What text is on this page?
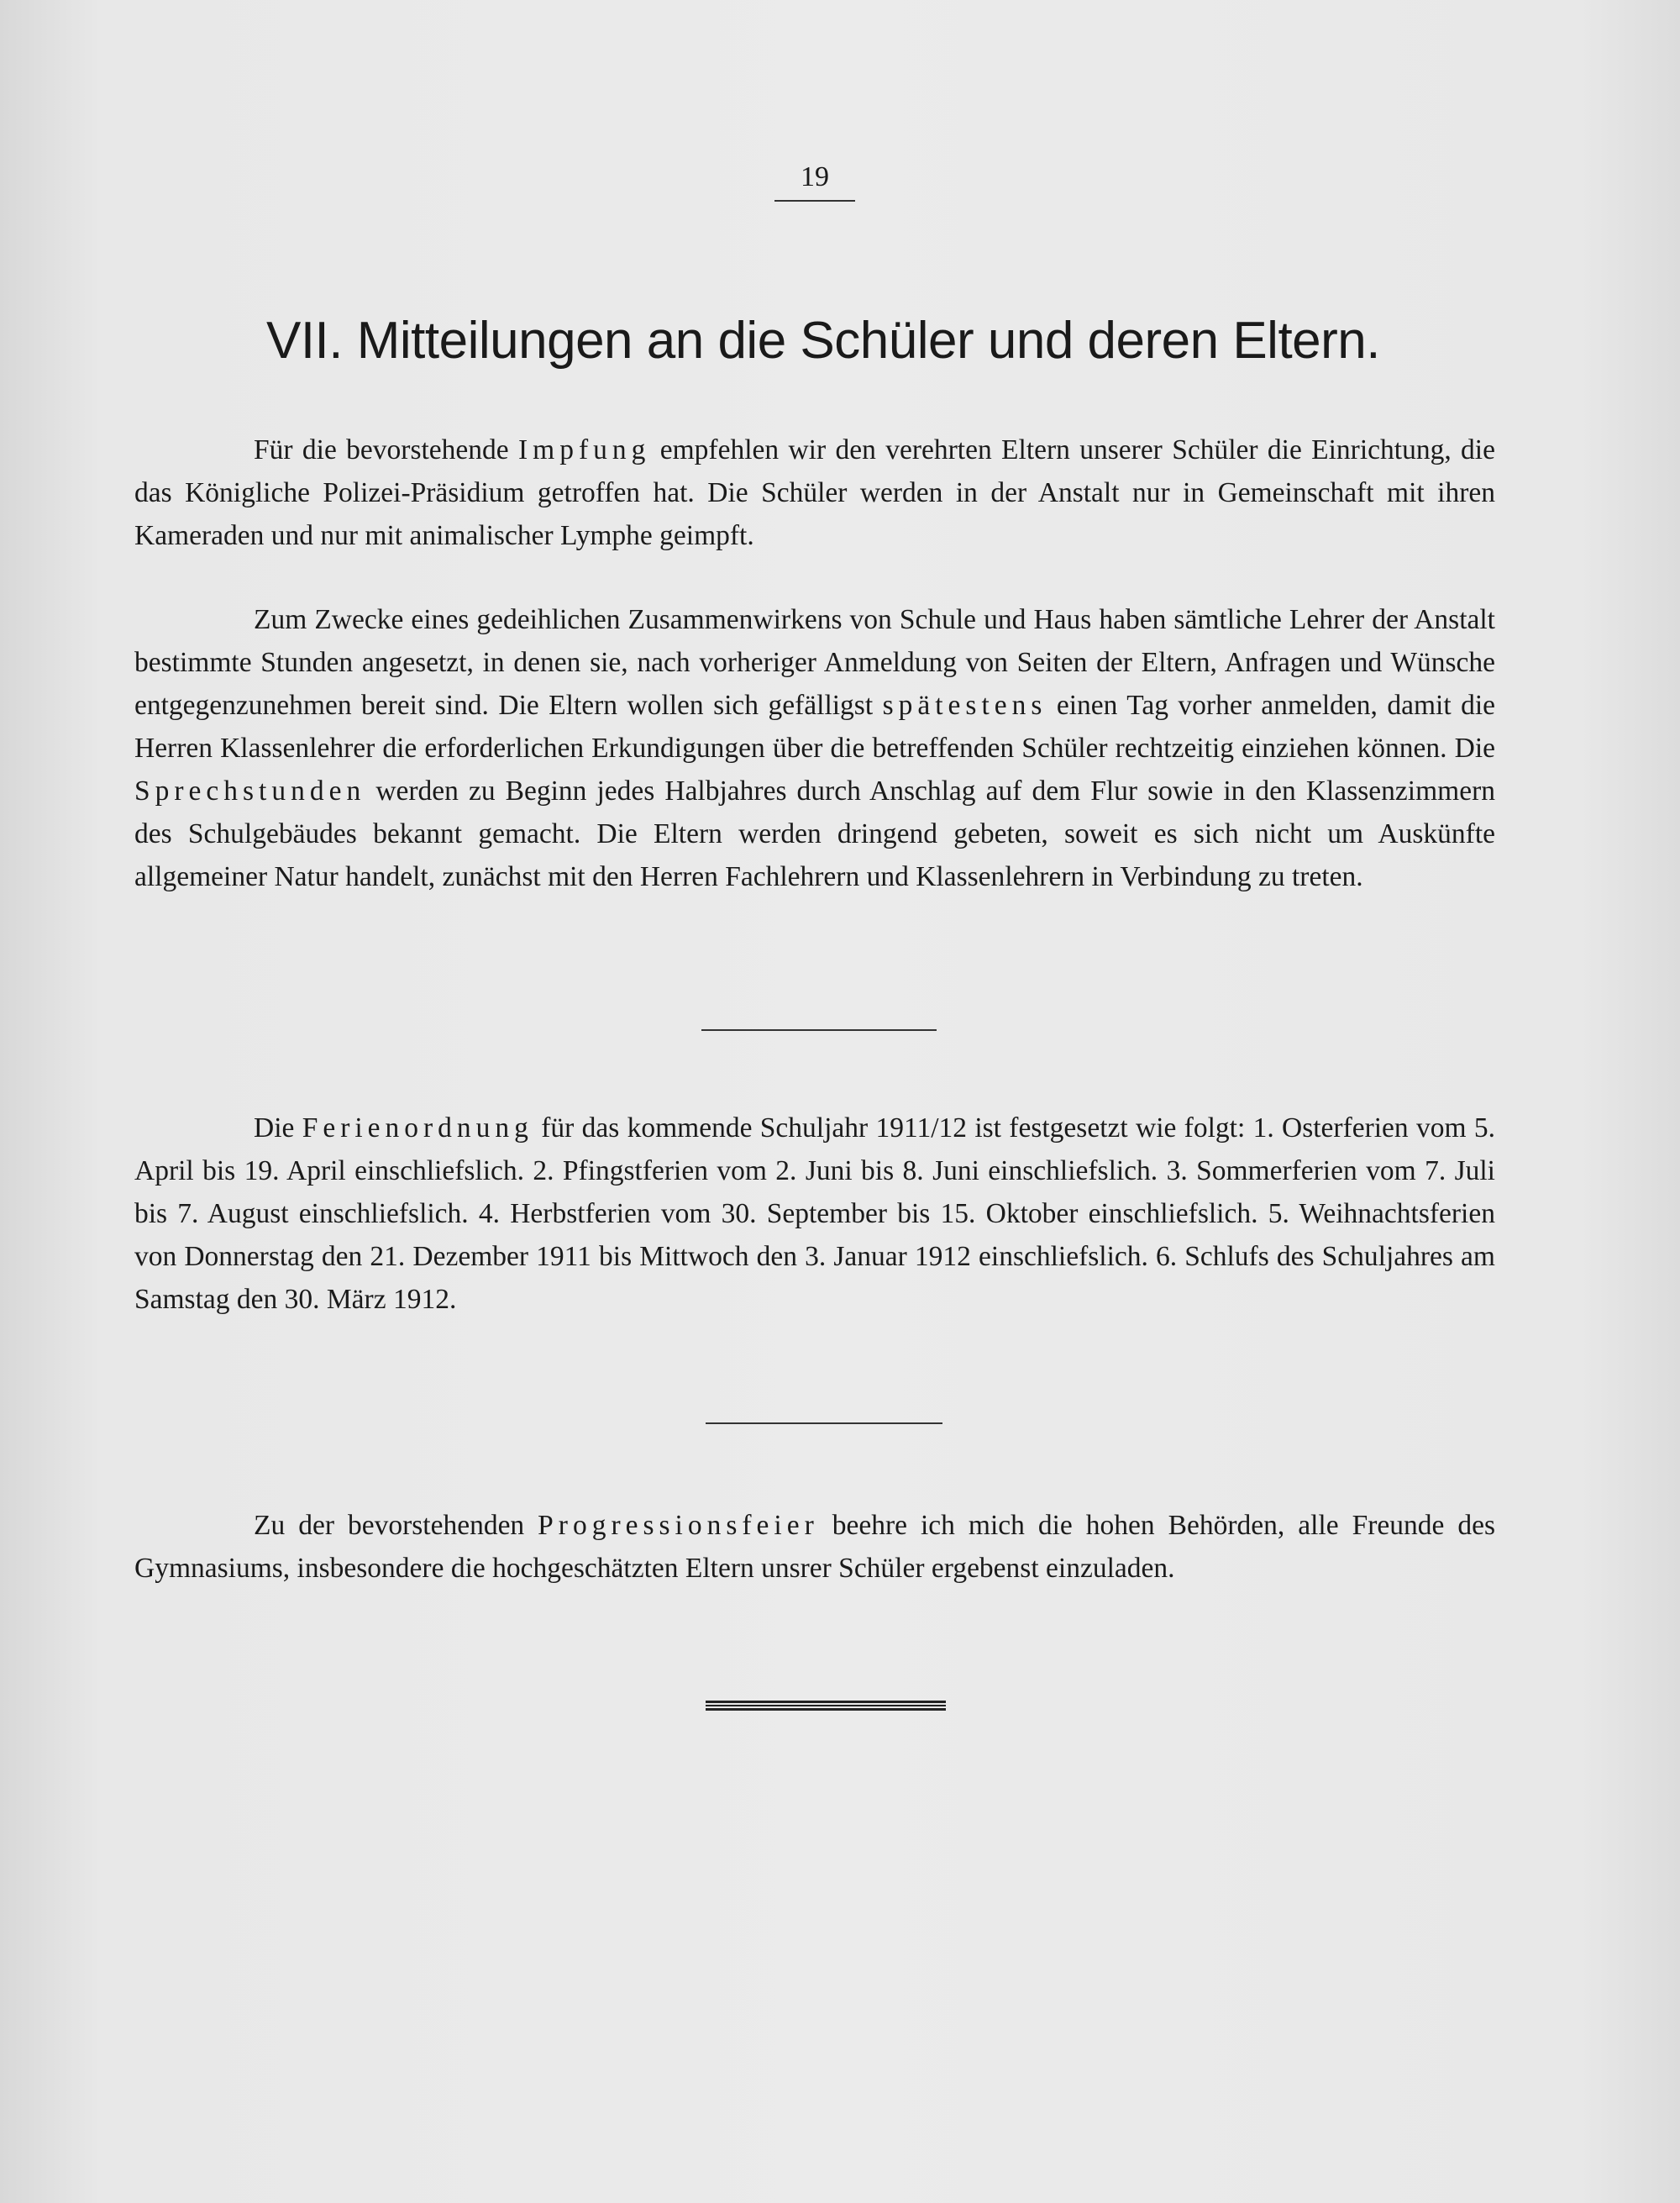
19
VII. Mitteilungen an die Schüler und deren Eltern.

Für die bevorstehende Impfung empfehlen wir den verehrten Eltern unserer Schüler die Einrichtung, die das Königliche Polizei-Präsidium getroffen hat. Die Schüler werden in der Anstalt nur in Gemeinschaft mit ihren Kameraden und nur mit animalischer Lymphe geimpft.

Zum Zwecke eines gedeihlichen Zusammenwirkens von Schule und Haus haben sämtliche Lehrer der Anstalt bestimmte Stunden angesetzt, in denen sie, nach vorheriger Anmeldung von Seiten der Eltern, Anfragen und Wünsche entgegenzunehmen bereit sind. Die Eltern wollen sich gefälligst spätestens einen Tag vorher anmelden, damit die Herren Klassenlehrer die erforderlichen Erkundigungen über die betreffenden Schüler rechtzeitig einziehen können. Die Sprechstunden werden zu Beginn jedes Halbjahres durch Anschlag auf dem Flur sowie in den Klassenzimmern des Schulgebäudes bekannt gemacht. Die Eltern werden dringend gebeten, soweit es sich nicht um Auskünfte allgemeiner Natur handelt, zunächst mit den Herren Fachlehrern und Klassenlehrern in Verbindung zu treten.

Die Ferienordnung für das kommende Schuljahr 1911/12 ist festgesetzt wie folgt: 1. Osterferien vom 5. April bis 19. April einschliefslich. 2. Pfingstferien vom 2. Juni bis 8. Juni einschliefslich. 3. Sommerferien vom 7. Juli bis 7. August einschliefslich. 4. Herbstferien vom 30. September bis 15. Oktober einschliefslich. 5. Weihnachtsferien von Donnerstag den 21. Dezember 1911 bis Mittwoch den 3. Januar 1912 einschliefslich. 6. Schlufs des Schuljahres am Samstag den 30. März 1912.

Zu der bevorstehenden Progressionsfeier beehre ich mich die hohen Behörden, alle Freunde des Gymnasiums, insbesondere die hochgeschätzten Eltern unsrer Schüler ergebenst einzuladen.
